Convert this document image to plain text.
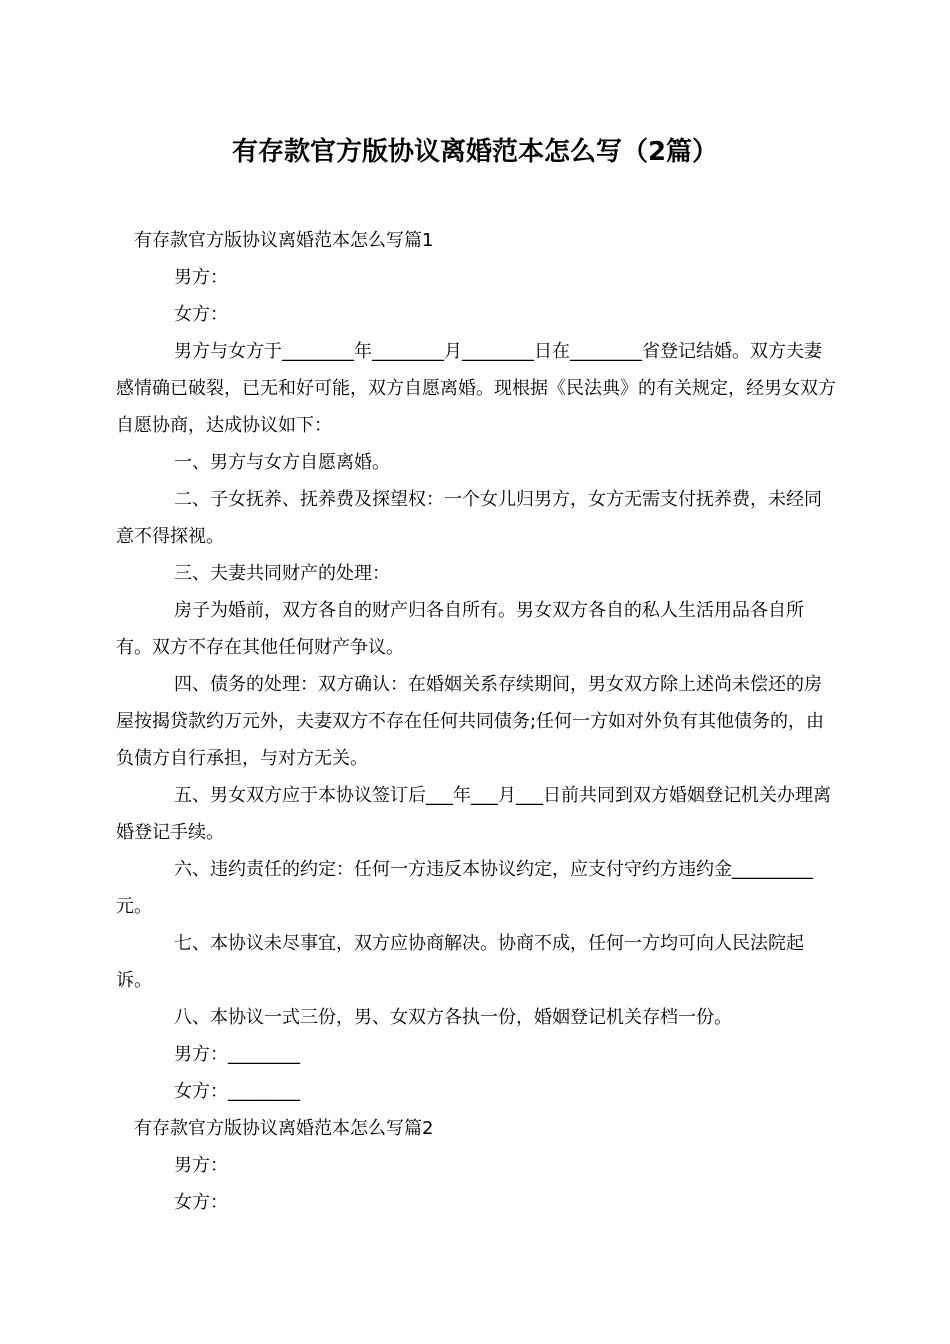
有存款官方版协议离婚范本怎么写（2篇）

有存款官方版协议离婚范本怎么写篇1

男方：

女方：

男方与女方于________年________月________日在________省登记结婚。双方夫妻感情确已破裂，已无和好可能，双方自愿离婚。现根据《民法典》的有关规定，经男女双方自愿协商，达成协议如下：

一、男方与女方自愿离婚。

二、子女抚养、抚养费及探望权：一个女儿归男方，女方无需支付抚养费，未经同意不得探视。

三、夫妻共同财产的处理：

房子为婚前，双方各自的财产归各自所有。男女双方各自的私人生活用品各自所有。双方不存在其他任何财产争议。

四、债务的处理：双方确认：在婚姻关系存续期间，男女双方除上述尚未偿还的房屋按揭贷款约万元外，夫妻双方不存在任何共同债务;任何一方如对外负有其他债务的，由负债方自行承担，与对方无关。

五、男女双方应于本协议签订后___年___月___日前共同到双方婚姻登记机关办理离婚登记手续。

六、违约责任的约定：任何一方违反本协议约定，应支付守约方违约金_________元。

七、本协议未尽事宜，双方应协商解决。协商不成，任何一方均可向人民法院起诉。

八、本协议一式三份，男、女双方各执一份，婚姻登记机关存档一份。

男方：________

女方：________

有存款官方版协议离婚范本怎么写篇2

男方：

女方：
